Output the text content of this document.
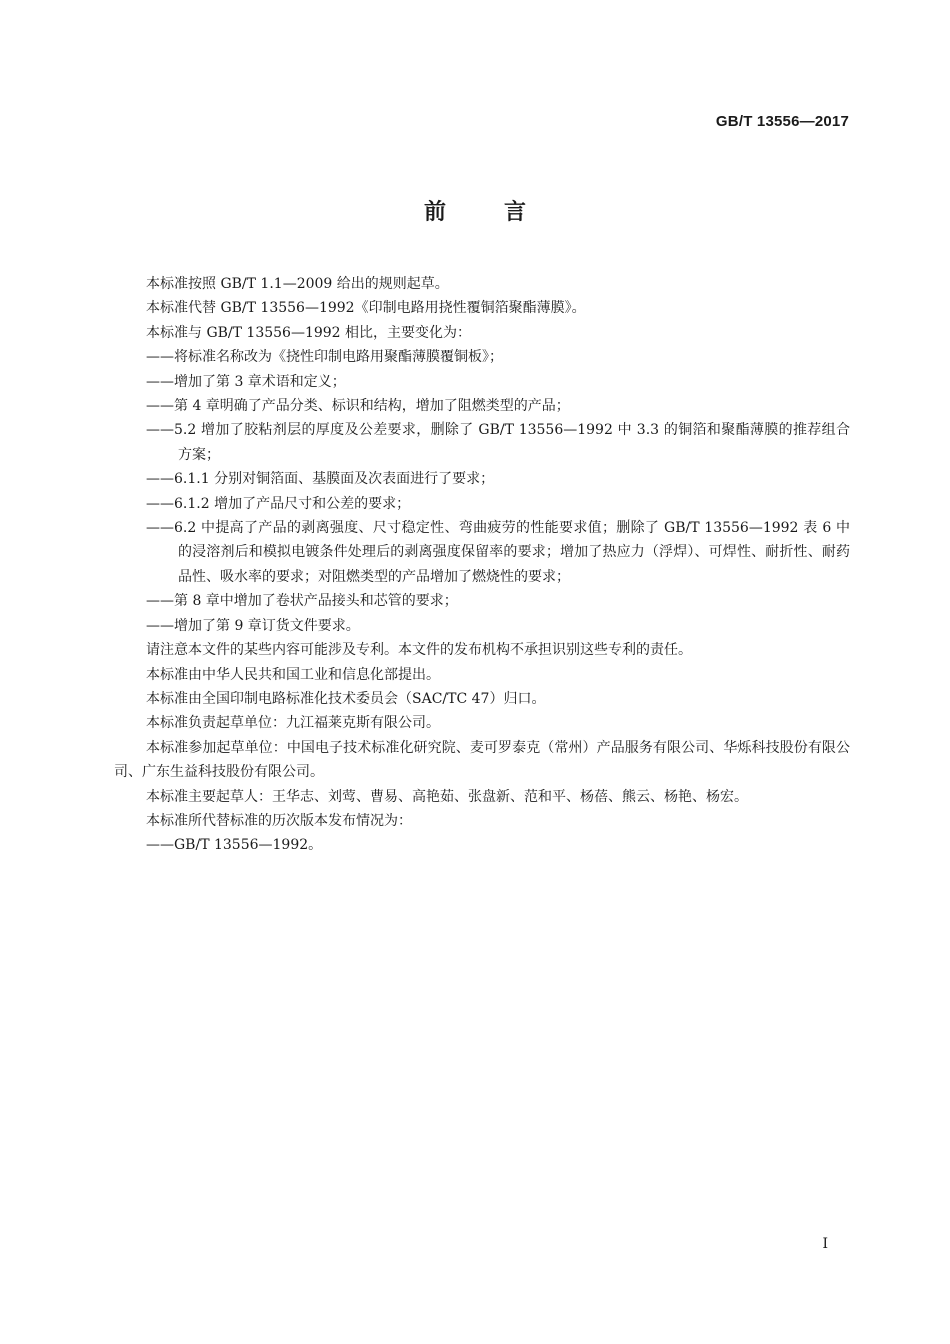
GB/T 13556—2017
前言

本标准按照 GB/T 1.1—2009 给出的规则起草。

本标准代替 GB/T 13556—1992《印制电路用挠性覆铜箔聚酯薄膜》。

本标准与 GB/T 13556—1992 相比，主要变化为：

——将标准名称改为《挠性印制电路用聚酯薄膜覆铜板》；

——增加了第 3 章术语和定义；

——第 4 章明确了产品分类、标识和结构，增加了阻燃类型的产品；

——5.2 增加了胶粘剂层的厚度及公差要求，删除了 GB/T 13556—1992 中 3.3 的铜箔和聚酯薄膜的推荐组合方案；

——6.1.1 分别对铜箔面、基膜面及次表面进行了要求；

——6.1.2 增加了产品尺寸和公差的要求；

——6.2 中提高了产品的剥离强度、尺寸稳定性、弯曲疲劳的性能要求值；删除了 GB/T 13556—1992 表 6 中的浸溶剂后和模拟电镀条件处理后的剥离强度保留率的要求；增加了热应力（浮焊）、可焊性、耐折性、耐药品性、吸水率的要求；对阻燃类型的产品增加了燃烧性的要求；

——第 8 章中增加了卷状产品接头和芯管的要求；

——增加了第 9 章订货文件要求。

请注意本文件的某些内容可能涉及专利。本文件的发布机构不承担识别这些专利的责任。

本标准由中华人民共和国工业和信息化部提出。

本标准由全国印制电路标准化技术委员会（SAC/TC 47）归口。

本标准负责起草单位：九江福莱克斯有限公司。

本标准参加起草单位：中国电子技术标准化研究院、麦可罗泰克（常州）产品服务有限公司、华烁科技股份有限公司、广东生益科技股份有限公司。

本标准主要起草人：王华志、刘莺、曹易、高艳茹、张盘新、范和平、杨蓓、熊云、杨艳、杨宏。

本标准所代替标准的历次版本发布情况为：

——GB/T 13556—1992。

I
